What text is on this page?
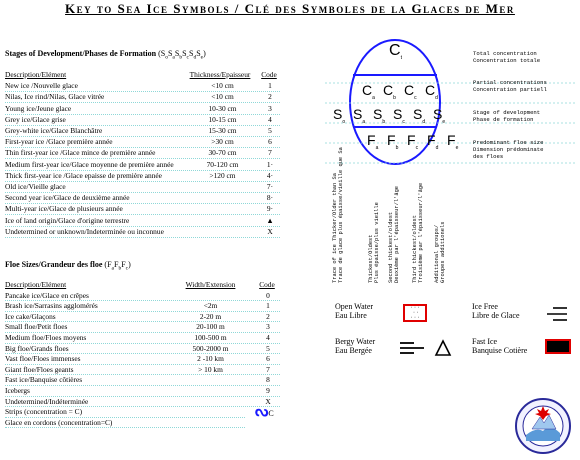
Key to Sea Ice Symbols / Clé des Symboles de la Glaces de Mer
Stages of Development/Phases de Formation $(S_oS_aS_bS_cS_dS_e)$
Description/Elément	Thickness/Epaisseur	Code
New ice /Nouvelle glace	<10 cm	1
Nilas, Ice rind/Nilas, Glace vitrée	<10 cm	2
Young ice/Jeune glace	10-30 cm	3
Grey ice/Glace grise	10-15 cm	4
Grey-white ice/Glace Blanchâtre	15-30 cm	5
First-year ice /Glace première année	>30 cm	6
Thin first-year ice /Glace mince de première année	30-70 cm	7
Medium first-year ice/Glace moyenne de première année	70-120 cm	1·
Thick first-year ice /Glace epaisse de première année	>120 cm	4·
Old ice/Vieille glace	7·
Second year ice/Glace de deuxième année	8·
Multi-year ice/Glace de plusieurs année	9·
Ice of land origin/Glace d'origine terrestre	▲
Undetermined or unknown/Indeterminée ou inconnue	X
Floe Sizes/Grandeur des floe $(F_aF_bF_c)$
Description/Elément	Width/Extension	Code
Pancake ice/Glace en crêpes	0
Brash ice/Sarrasins agglomérés	<2m	1
Ice cake/Glaçons	2-20 m	2
Small floe/Petit floes	20-100 m	3
Medium floe/Floes moyens	100-500 m	4
Big floe/Grands floes	500-2000 m	5
Vast floe/Floes immenses	2 -10 km	6
Giant floe/Floes geants	> 10 km	7
Fast ice/Banquise côtières	8
Icebergs	9
Undetermined/Indéterminée	X
Strips (concentration = C)
Glace en cordons (concentration=C)
ᔓC
$C_t$
$C_a$ $C_b$ $C_c$ $C_d$
$S_o$ $S_a$ $S_b$ $S_c$ $S_d$ $S_e$
$F_a$ $F_b$ $F_c$ $F_d$ $F_e$
Total concentration
Concentration totale
Partial concentrations
Concentration partiell
Stage of development
Phase de formation
Predominant floe size
Dimension prédominate
des floes
Trace of ice Thicker/Older than Sa
Trace de glace plus épaisse/vieille que Sa	Thickest/Oldest
Plus épaisse/plus vieille Second thickest/oldest
Deuxième par l'épaisseur/l'âge Third thickest/oldest
Troisième par l'épaisseur/l'âge Additional groups/
Groupes additionels
Open Water
Eau Libre
· · ·
· ·
· · ·
Ice Free
Libre de Glace
Bergy Water
Eau Bergée
Fast Ice
Banquise Cotière
